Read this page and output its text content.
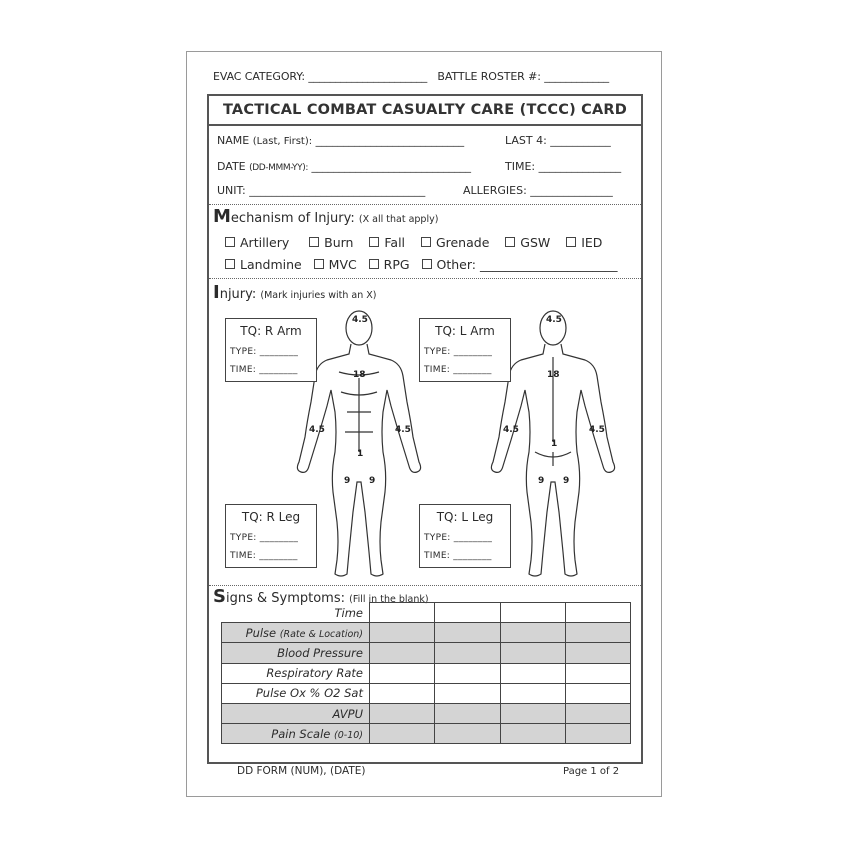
EVAC CATEGORY: ______________________ BATTLE ROSTER #: ____________
TACTICAL COMBAT CASUALTY CARE (TCCC) CARD
NAME (Last, First): ___________________________	LAST 4: ___________
DATE (DD-MMM-YY): _____________________________	TIME: _______________
UNIT: ________________________________	ALLERGIES: _______________
Mechanism of Injury: (X all that apply)
Artillery	Burn Fall Grenade GSW IED
Landmine MVC RPG Other: ______________________
Injury: (Mark injuries with an X)
4.5
18
4.5	4.5
1
9 9
4.5
18
4.5	4.5
1
9 9
TQ: R Arm
TYPE: ________
TIME: ________
TQ: L Arm
TYPE: ________
TIME: ________
TQ: R Leg
TYPE: ________
TIME: ________
TQ: L Leg
TYPE: ________
TIME: ________
Signs & Symptoms: (Fill in the blank)
Time				
Pulse (Rate & Location)				
Blood Pressure				
Respiratory Rate				
Pulse Ox % O2 Sat				
AVPU				
Pain Scale (0-10)				
DD FORM (NUM), (DATE)	Page 1 of 2
